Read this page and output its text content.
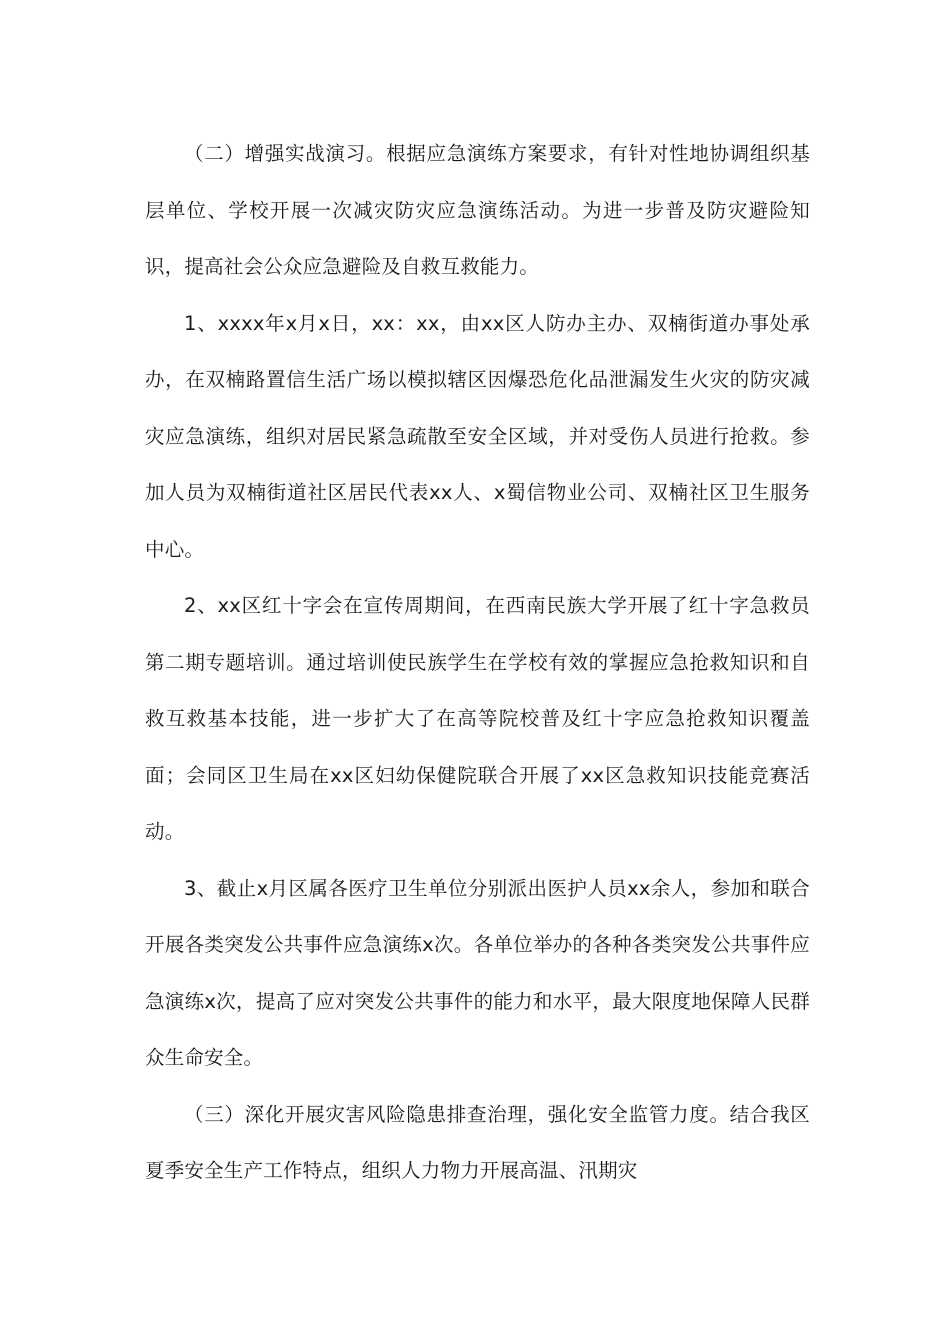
（二）增强实战演习。根据应急演练方案要求，有针对性地协调组织基层单位、学校开展一次减灾防灾应急演练活动。为进一步普及防灾避险知识，提高社会公众应急避险及自救互救能力。

1、xxxx年x月x日，xx：xx，由xx区人防办主办、双楠街道办事处承办，在双楠路置信生活广场以模拟辖区因爆恐危化品泄漏发生火灾的防灾减灾应急演练，组织对居民紧急疏散至安全区域，并对受伤人员进行抢救。参加人员为双楠街道社区居民代表xx人、x蜀信物业公司、双楠社区卫生服务中心。

2、xx区红十字会在宣传周期间，在西南民族大学开展了红十字急救员第二期专题培训。通过培训使民族学生在学校有效的掌握应急抢救知识和自救互救基本技能，进一步扩大了在高等院校普及红十字应急抢救知识覆盖面；会同区卫生局在xx区妇幼保健院联合开展了xx区急救知识技能竞赛活动。

3、截止x月区属各医疗卫生单位分别派出医护人员xx余人，参加和联合开展各类突发公共事件应急演练x次。各单位举办的各种各类突发公共事件应急演练x次，提高了应对突发公共事件的能力和水平，最大限度地保障人民群众生命安全。

（三）深化开展灾害风险隐患排查治理，强化安全监管力度。结合我区夏季安全生产工作特点，组织人力物力开展高温、汛期灾
